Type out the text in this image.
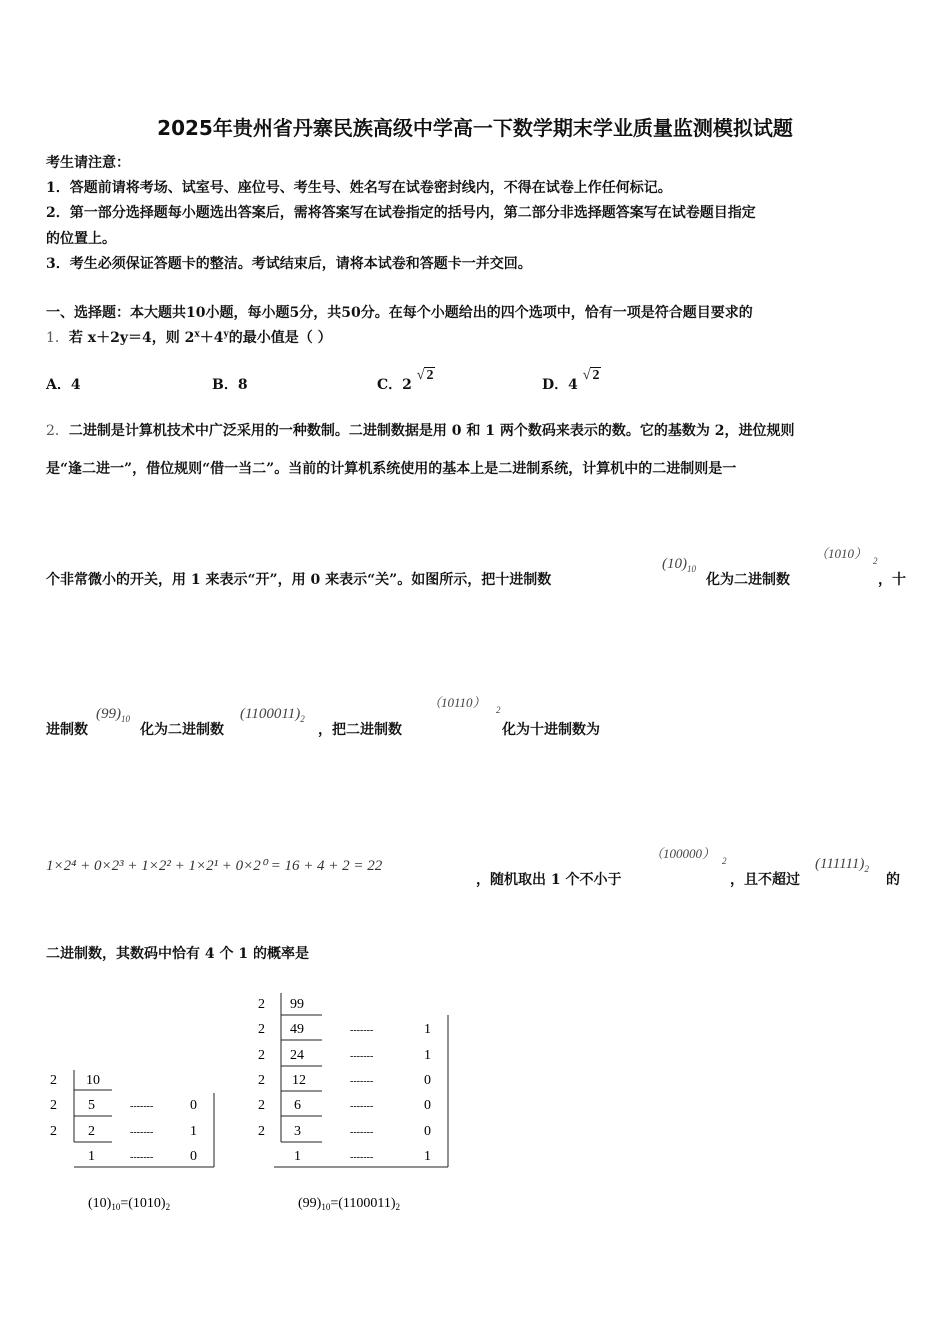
2025年贵州省丹寨民族高级中学高一下数学期末学业质量监测模拟试题
考生请注意：
1．答题前请将考场、试室号、座位号、考生号、姓名写在试卷密封线内，不得在试卷上作任何标记。
2．第一部分选择题每小题选出答案后，需将答案写在试卷指定的括号内，第二部分非选择题答案写在试卷题目指定
的位置上。
3．考生必须保证答题卡的整洁。考试结束后，请将本试卷和答题卡一并交回。
一、选择题：本大题共10小题，每小题5分，共50分。在每个小题给出的四个选项中，恰有一项是符合题目要求的
1．若 x＋2y＝4，则 $2^x+4^y$的最小值是（ ）
A．4	B．8	C．2 √ 2
D．4 √ 2
2．二进制是计算机技术中广泛采用的一种数制。二进制数据是用 0 和 1 两个数码来表示的数。它的基数为 2，进位规则
是“逢二进一”，借位规则“借一当二”。当前的计算机系统使用的基本上是二进制系统，计算机中的二进制则是一
个非常微小的开关，用 1 来表示“开”，用 0 来表示“关”。如图所示，把十进制数
$(10)_{10}$
化为二进制数
（1010） 2
，十
进制数
$(99)_{10}$
化为二进制数
$(1100011)_2$
，把二进制数
（10110） 2
化为十进制数为
1×2⁴ + 0×2³ + 1×2² + 1×2¹ + 0×2⁰ = 16 + 4 + 2 = 22
，随机取出 1 个不小于
（100000） 2
，且不超过
$(111111)_2$
的
二进制数，其数码中恰有 4 个 1 的概率是
2
2
2
10
5
2
1
-------
-------
-------
0
1
0
$(10)_{10}=(1010)_2$
2
2
2
2
2
2
99
49
24
12
6
3
1
-------
-------
-------
-------
-------
-------
1
1
0
0
0
1
$(99)_{10}=(1100011)_2$
